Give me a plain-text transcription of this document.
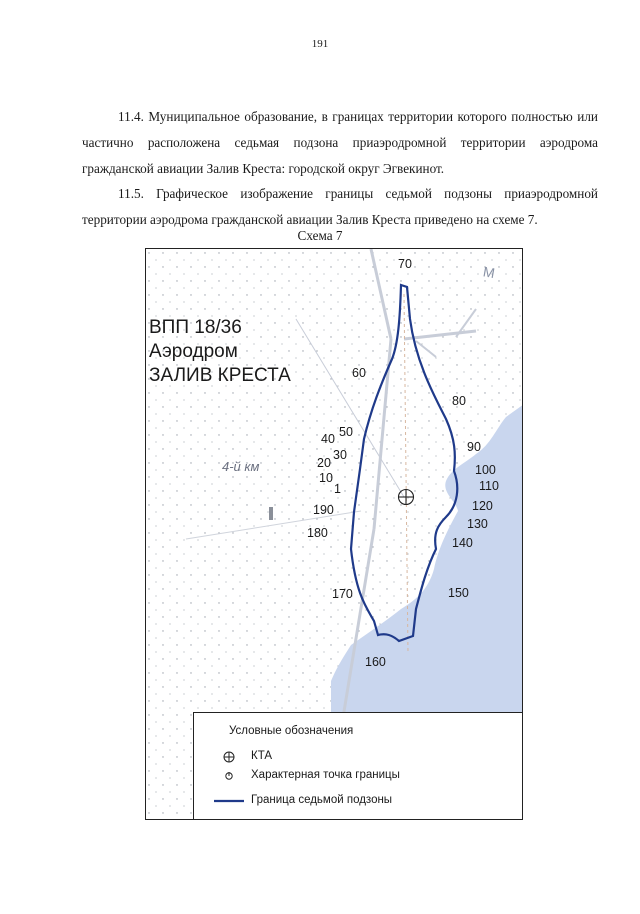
191

11.4. Муниципальное образование, в границах территории которого полностью или частично расположена седьмая подзона приаэродромной территории аэродрома гражданской авиации Залив Креста: городской округ Эгвекинот.

11.5. Графическое изображение границы седьмой подзоны приаэродромной территории аэродрома гражданской авиации Залив Креста приведено на схеме 7.

Схема 7
ВПП 18/36
Аэродром
ЗАЛИВ КРЕСТА
4-й км
M
70
60
80
50
40
30
20
10
1
90
100
110
120
130
140
190
180
170	150
160
Условные обозначения
КТА
Характерная точка границы
Граница седьмой подзоны
